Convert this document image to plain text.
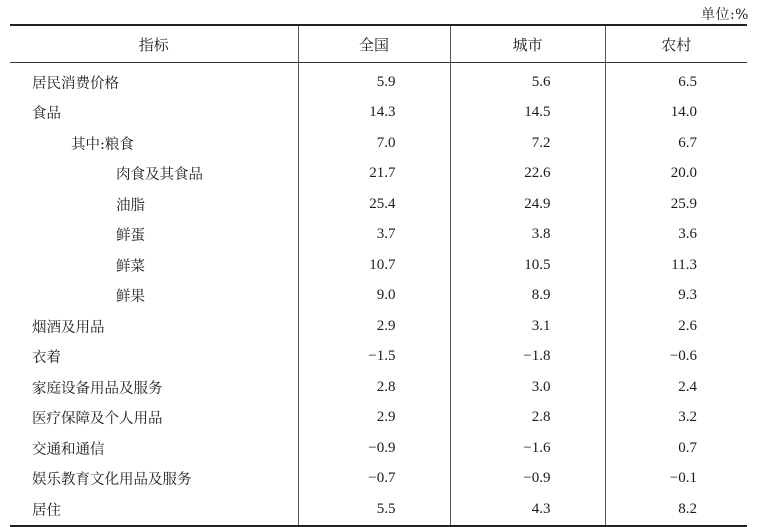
单位:%
指标	全国	城市	农村
居民消费价格	5.9	5.6	6.5
食品	14.3	14.5	14.0
其中:粮食	7.0	7.2	6.7
肉食及其食品	21.7	22.6	20.0
油脂	25.4	24.9	25.9
鲜蛋	3.7	3.8	3.6
鲜菜	10.7	10.5	11.3
鲜果	9.0	8.9	9.3
烟酒及用品	2.9	3.1	2.6
衣着	−1.5	−1.8	−0.6
家庭设备用品及服务	2.8	3.0	2.4
医疗保障及个人用品	2.9	2.8	3.2
交通和通信	−0.9	−1.6	0.7
娱乐教育文化用品及服务	−0.7	−0.9	−0.1
居住	5.5	4.3	8.2
